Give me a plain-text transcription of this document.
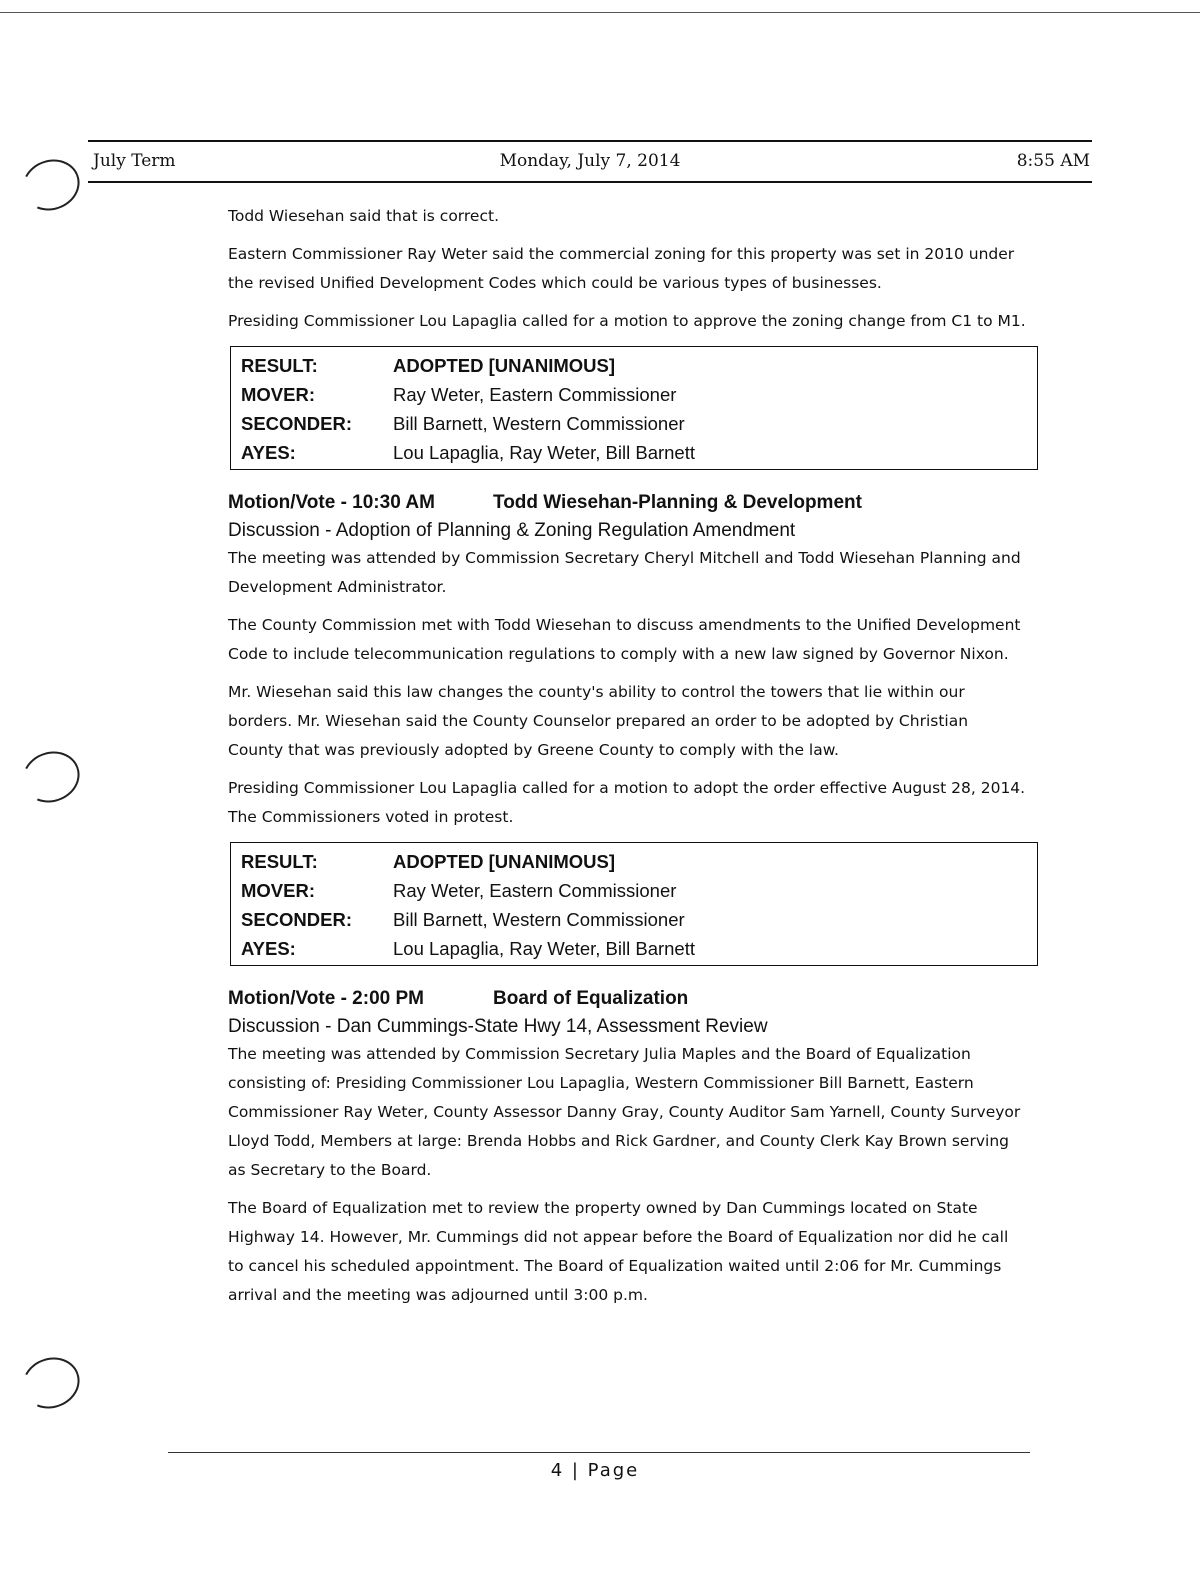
July Term	Monday, July 7, 2014	8:55 AM

Todd Wiesehan said that is correct.

Eastern Commissioner Ray Weter said the commercial zoning for this property was set in 2010 under the revised Unified Development Codes which could be various types of businesses.

Presiding Commissioner Lou Lapaglia called for a motion to approve the zoning change from C1 to M1.

RESULT:	ADOPTED [UNANIMOUS]
MOVER:	Ray Weter, Eastern Commissioner
SECONDER:	Bill Barnett, Western Commissioner
AYES:	Lou Lapaglia, Ray Weter, Bill Barnett
Motion/Vote - 10:30 AM	Todd Wiesehan-Planning & Development
Discussion - Adoption of Planning & Zoning Regulation Amendment

The meeting was attended by Commission Secretary Cheryl Mitchell and Todd Wiesehan Planning and Development Administrator.

The County Commission met with Todd Wiesehan to discuss amendments to the Unified Development Code to include telecommunication regulations to comply with a new law signed by Governor Nixon.

Mr. Wiesehan said this law changes the county's ability to control the towers that lie within our borders. Mr. Wiesehan said the County Counselor prepared an order to be adopted by Christian County that was previously adopted by Greene County to comply with the law.

Presiding Commissioner Lou Lapaglia called for a motion to adopt the order effective August 28, 2014. The Commissioners voted in protest.

RESULT:	ADOPTED [UNANIMOUS]
MOVER:	Ray Weter, Eastern Commissioner
SECONDER:	Bill Barnett, Western Commissioner
AYES:	Lou Lapaglia, Ray Weter, Bill Barnett
Motion/Vote - 2:00 PM	Board of Equalization
Discussion - Dan Cummings-State Hwy 14, Assessment Review

The meeting was attended by Commission Secretary Julia Maples and the Board of Equalization consisting of: Presiding Commissioner Lou Lapaglia, Western Commissioner Bill Barnett, Eastern Commissioner Ray Weter, County Assessor Danny Gray, County Auditor Sam Yarnell, County Surveyor Lloyd Todd, Members at large: Brenda Hobbs and Rick Gardner, and County Clerk Kay Brown serving as Secretary to the Board.

The Board of Equalization met to review the property owned by Dan Cummings located on State Highway 14. However, Mr. Cummings did not appear before the Board of Equalization nor did he call to cancel his scheduled appointment. The Board of Equalization waited until 2:06 for Mr. Cummings arrival and the meeting was adjourned until 3:00 p.m.

4 | Page
